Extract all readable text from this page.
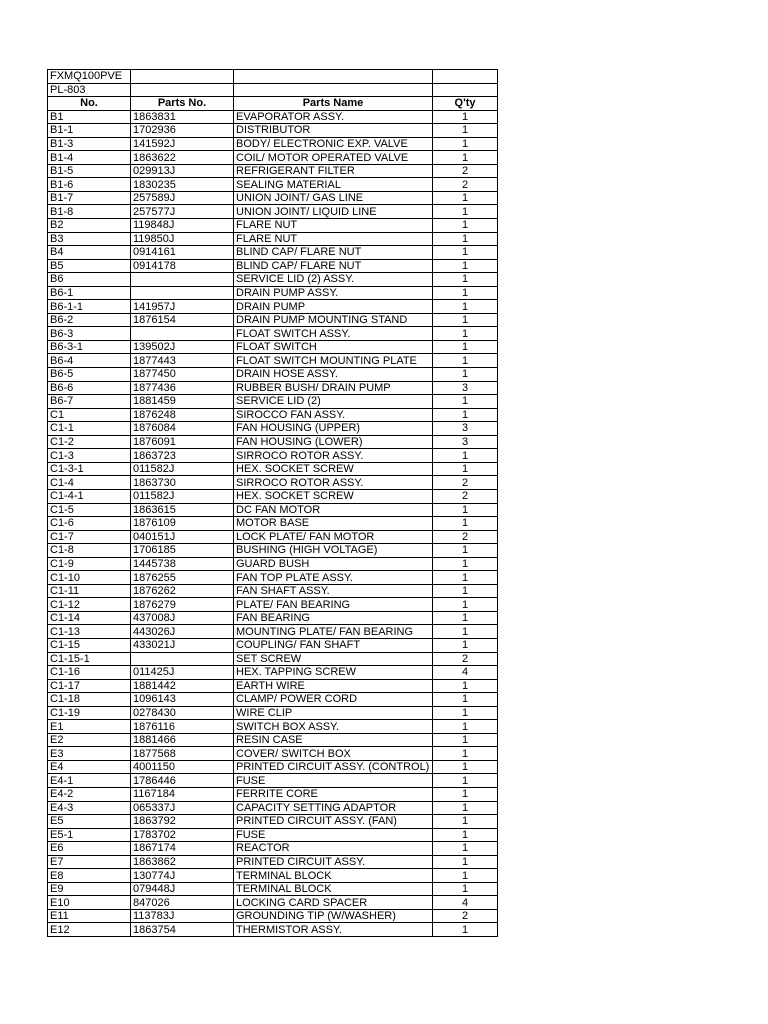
FXMQ100PVE			
PL-803			
No.	Parts No.	Parts Name	Q'ty
B1	1863831	EVAPORATOR ASSY.	1
B1-1	1702936	DISTRIBUTOR	1
B1-3	141592J	BODY/ ELECTRONIC EXP. VALVE	1
B1-4	1863622	COIL/ MOTOR OPERATED VALVE	1
B1-5	029913J	REFRIGERANT FILTER	2
B1-6	1830235	SEALING MATERIAL	2
B1-7	257589J	UNION JOINT/ GAS LINE	1
B1-8	257577J	UNION JOINT/ LIQUID LINE	1
B2	119848J	FLARE NUT	1
B3	119850J	FLARE NUT	1
B4	0914161	BLIND CAP/ FLARE NUT	1
B5	0914178	BLIND CAP/ FLARE NUT	1
B6		SERVICE LID (2) ASSY.	1
B6-1		DRAIN PUMP ASSY.	1
B6-1-1	141957J	DRAIN PUMP	1
B6-2	1876154	DRAIN PUMP MOUNTING STAND	1
B6-3		FLOAT SWITCH ASSY.	1
B6-3-1	139502J	FLOAT SWITCH	1
B6-4	1877443	FLOAT SWITCH MOUNTING PLATE	1
B6-5	1877450	DRAIN HOSE ASSY.	1
B6-6	1877436	RUBBER BUSH/ DRAIN PUMP	3
B6-7	1881459	SERVICE LID (2)	1
C1	1876248	SIROCCO FAN ASSY.	1
C1-1	1876084	FAN HOUSING (UPPER)	3
C1-2	1876091	FAN HOUSING (LOWER)	3
C1-3	1863723	SIRROCO ROTOR ASSY.	1
C1-3-1	011582J	HEX. SOCKET SCREW	1
C1-4	1863730	SIRROCO ROTOR ASSY.	2
C1-4-1	011582J	HEX. SOCKET SCREW	2
C1-5	1863615	DC FAN MOTOR	1
C1-6	1876109	MOTOR BASE	1
C1-7	040151J	LOCK PLATE/ FAN MOTOR	2
C1-8	1706185	BUSHING (HIGH VOLTAGE)	1
C1-9	1445738	GUARD BUSH	1
C1-10	1876255	FAN TOP PLATE ASSY.	1
C1-11	1876262	FAN SHAFT ASSY.	1
C1-12	1876279	PLATE/ FAN BEARING	1
C1-14	437008J	FAN BEARING	1
C1-13	443026J	MOUNTING PLATE/ FAN BEARING	1
C1-15	433021J	COUPLING/ FAN SHAFT	1
C1-15-1		SET SCREW	2
C1-16	011425J	HEX. TAPPING SCREW	4
C1-17	1881442	EARTH WIRE	1
C1-18	1096143	CLAMP/ POWER CORD	1
C1-19	0278430	WIRE CLIP	1
E1	1876116	SWITCH BOX ASSY.	1
E2	1881466	RESIN CASE	1
E3	1877568	COVER/ SWITCH BOX	1
E4	4001150	PRINTED CIRCUIT ASSY. (CONTROL)	1
E4-1	1786446	FUSE	1
E4-2	1167184	FERRITE CORE	1
E4-3	065337J	CAPACITY SETTING ADAPTOR	1
E5	1863792	PRINTED CIRCUIT ASSY. (FAN)	1
E5-1	1783702	FUSE	1
E6	1867174	REACTOR	1
E7	1863862	PRINTED CIRCUIT ASSY.	1
E8	130774J	TERMINAL BLOCK	1
E9	079448J	TERMINAL BLOCK	1
E10	847026	LOCKING CARD SPACER	4
E11	113783J	GROUNDING TIP (W/WASHER)	2
E12	1863754	THERMISTOR ASSY.	1
